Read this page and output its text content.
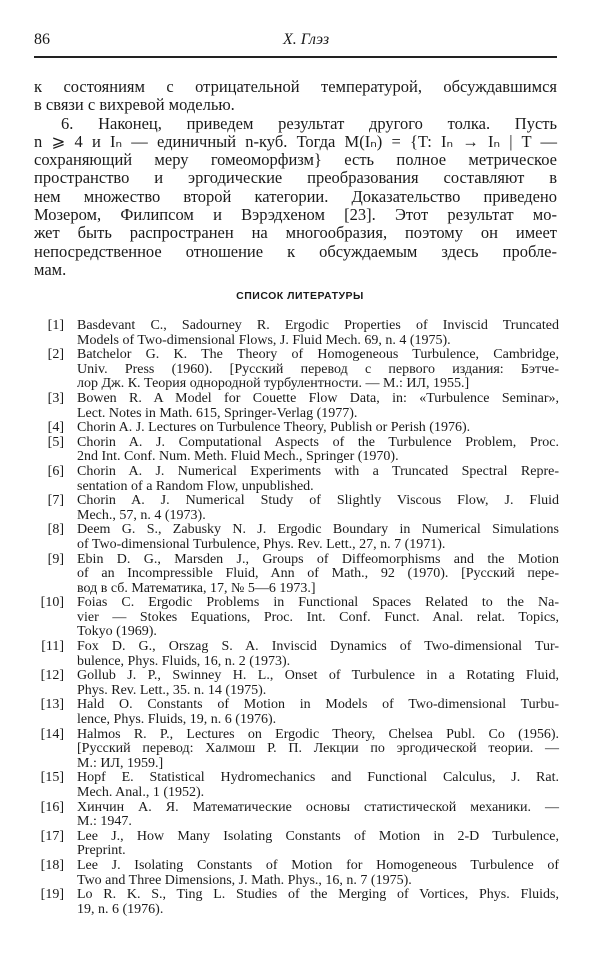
86	Х. Глэз
к состояниям с отрицательной температурой, обсуждавшимся
в связи с вихревой моделью.
6. Наконец, приведем результат другого толка. Пусть
n ⩾ 4 и Iₙ — единичный n-куб. Тогда M(Iₙ) = {T: Iₙ → Iₙ | T —
сохраняющий меру гомеоморфизм} есть полное метрическое
пространство и эргодические преобразования составляют в
нем множество второй категории. Доказательство приведено
Мозером, Филипсом и Вэрэдхеном [23]. Этот результат мо-
жет быть распространен на многообразия, поэтому он имеет
непосредственное отношение к обсуждаемым здесь пробле-
мам.
СПИСОК ЛИТЕРАТУРЫ
[1] Basdevant C., Sadourney R. Ergodic Properties of Inviscid Truncated
Models of Two-dimensional Flows, J. Fluid Mech. 69, n. 4 (1975).
[2] Batchelor G. K. The Theory of Homogeneous Turbulence, Cambridge,
Univ. Press (1960). [Русский перевод с первого издания: Бэтче-
лор Дж. К. Теория однородной турбулентности. — М.: ИЛ, 1955.]
[3] Bowen R. A Model for Couette Flow Data, in: «Turbulence Seminar»,
Lect. Notes in Math. 615, Springer-Verlag (1977).
[4] Chorin A. J. Lectures on Turbulence Theory, Publish or Perish (1976).
[5] Chorin A. J. Computational Aspects of the Turbulence Problem, Proc.
2nd Int. Conf. Num. Meth. Fluid Mech., Springer (1970).
[6] Chorin A. J. Numerical Experiments with a Truncated Spectral Repre-
sentation of a Random Flow, unpublished.
[7] Chorin A. J. Numerical Study of Slightly Viscous Flow, J. Fluid
Mech., 57, n. 4 (1973).
[8] Deem G. S., Zabusky N. J. Ergodic Boundary in Numerical Simulations
of Two-dimensional Turbulence, Phys. Rev. Lett., 27, n. 7 (1971).
[9] Ebin D. G., Marsden J., Groups of Diffeomorphisms and the Motion
of an Incompressible Fluid, Ann of Math., 92 (1970). [Русский пере-
вод в сб. Математика, 17, № 5—6 1973.]
[10] Foias C. Ergodic Problems in Functional Spaces Related to the Na-
vier — Stokes Equations, Proc. Int. Conf. Funct. Anal. relat. Topics,
Tokyo (1969).
[11] Fox D. G., Orszag S. A. Inviscid Dynamics of Two-dimensional Tur-
bulence, Phys. Fluids, 16, n. 2 (1973).
[12] Gollub J. P., Swinney H. L., Onset of Turbulence in a Rotating Fluid,
Phys. Rev. Lett., 35. n. 14 (1975).
[13] Hald O. Constants of Motion in Models of Two-dimensional Turbu-
lence, Phys. Fluids, 19, n. 6 (1976).
[14] Halmos R. P., Lectures on Ergodic Theory, Chelsea Publ. Co (1956).
[Русский перевод: Халмош Р. П. Лекции по эргодической теории. —
М.: ИЛ, 1959.]
[15] Hopf E. Statistical Hydromechanics and Functional Calculus, J. Rat.
Mech. Anal., 1 (1952).
[16] Хинчин А. Я. Математические основы статистической механики. —
М.: 1947.
[17] Lee J., How Many Isolating Constants of Motion in 2-D Turbulence,
Preprint.
[18] Lee J. Isolating Constants of Motion for Homogeneous Turbulence of
Two and Three Dimensions, J. Math. Phys., 16, n. 7 (1975).
[19] Lo R. K. S., Ting L. Studies of the Merging of Vortices, Phys. Fluids,
19, n. 6 (1976).
